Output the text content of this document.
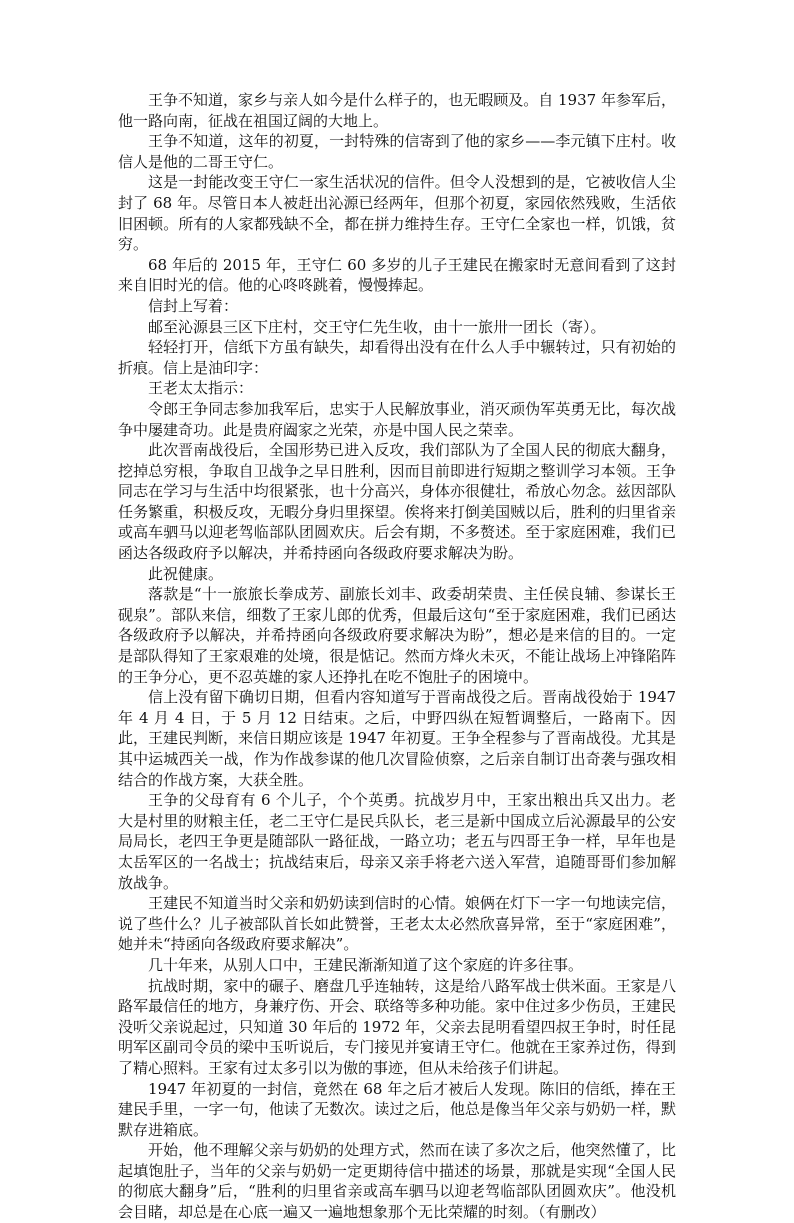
王争不知道，家乡与亲人如今是什么样子的，也无暇顾及。自 1937 年参军后，他一路向南，征战在祖国辽阔的大地上。

王争不知道，这年的初夏，一封特殊的信寄到了他的家乡——李元镇下庄村。收信人是他的二哥王守仁。

这是一封能改变王守仁一家生活状况的信件。但令人没想到的是，它被收信人尘封了 68 年。尽管日本人被赶出沁源已经两年，但那个初夏，家园依然残败，生活依旧困顿。所有的人家都残缺不全，都在拼力维持生存。王守仁全家也一样，饥饿，贫穷。

68 年后的 2015 年，王守仁 60 多岁的儿子王建民在搬家时无意间看到了这封来自旧时光的信。他的心咚咚跳着，慢慢捧起。

信封上写着：

邮至沁源县三区下庄村，交王守仁先生收，由十一旅卅一团长（寄）。

轻轻打开，信纸下方虽有缺失，却看得出没有在什么人手中辗转过，只有初始的折痕。信上是油印字：

王老太太指示：

令郎王争同志参加我军后，忠实于人民解放事业，消灭顽伪军英勇无比，每次战争中屡建奇功。此是贵府阖家之光荣，亦是中国人民之荣幸。

此次晋南战役后，全国形势已进入反攻，我们部队为了全国人民的彻底大翻身，挖掉总穷根，争取自卫战争之早日胜利，因而目前即进行短期之整训学习本领。王争同志在学习与生活中均很紧张，也十分高兴，身体亦很健壮，希放心勿念。兹因部队任务繁重，积极反攻，无暇分身归里探望。俟将来打倒美国贼以后，胜利的归里省亲或高车驷马以迎老驾临部队团圆欢庆。后会有期，不多赘述。至于家庭困难，我们已函达各级政府予以解决，并希持函向各级政府要求解决为盼。

此祝健康。

落款是“十一旅旅长拳成芳、副旅长刘丰、政委胡荣贵、主任侯良辅、参谋长王砚泉”。部队来信，细数了王家儿郎的优秀，但最后这句“至于家庭困难，我们已函达各级政府予以解决，并希持函向各级政府要求解决为盼”，想必是来信的目的。一定是部队得知了王家艰难的处境，很是惦记。然而方烽火未灭，不能让战场上冲锋陷阵的王争分心，更不忍英雄的家人还挣扎在吃不饱肚子的困境中。

信上没有留下确切日期，但看内容知道写于晋南战役之后。晋南战役始于 1947 年 4 月 4 日，于 5 月 12 日结束。之后，中野四纵在短暂调整后，一路南下。因此，王建民判断，来信日期应该是 1947 年初夏。王争全程参与了晋南战役。尤其是其中运城西关一战，作为作战参谋的他几次冒险侦察，之后亲自制订出奇袭与强攻相结合的作战方案，大获全胜。

王争的父母育有 6 个儿子，个个英勇。抗战岁月中，王家出粮出兵又出力。老大是村里的财粮主任，老二王守仁是民兵队长，老三是新中国成立后沁源最早的公安局局长，老四王争更是随部队一路征战，一路立功；老五与四哥王争一样，早年也是太岳军区的一名战士；抗战结束后，母亲又亲手将老六送入军营，追随哥哥们参加解放战争。

王建民不知道当时父亲和奶奶读到信时的心情。娘俩在灯下一字一句地读完信，说了些什么？儿子被部队首长如此赞誉，王老太太必然欣喜异常，至于“家庭困难”，她并未“持函向各级政府要求解决”。

几十年来，从别人口中，王建民渐渐知道了这个家庭的许多往事。

抗战时期，家中的碾子、磨盘几乎连轴转，这是给八路军战士供米面。王家是八路军最信任的地方，身兼疗伤、开会、联络等多种功能。家中住过多少伤员，王建民没听父亲说起过，只知道 30 年后的 1972 年，父亲去昆明看望四叔王争时，时任昆明军区副司令员的梁中玉听说后，专门接见并宴请王守仁。他就在王家养过伤，得到了精心照料。王家有过太多引以为傲的事迹，但从未给孩子们讲起。

1947 年初夏的一封信，竟然在 68 年之后才被后人发现。陈旧的信纸，捧在王建民手里，一字一句，他读了无数次。读过之后，他总是像当年父亲与奶奶一样，默默存进箱底。

开始，他不理解父亲与奶奶的处理方式，然而在读了多次之后，他突然懂了，比起填饱肚子，当年的父亲与奶奶一定更期待信中描述的场景，那就是实现“全国人民的彻底大翻身”后，“胜利的归里省亲或高车驷马以迎老驾临部队团圆欢庆”。他没机会目睹，却总是在心底一遍又一遍地想象那个无比荣耀的时刻。（有删改）
